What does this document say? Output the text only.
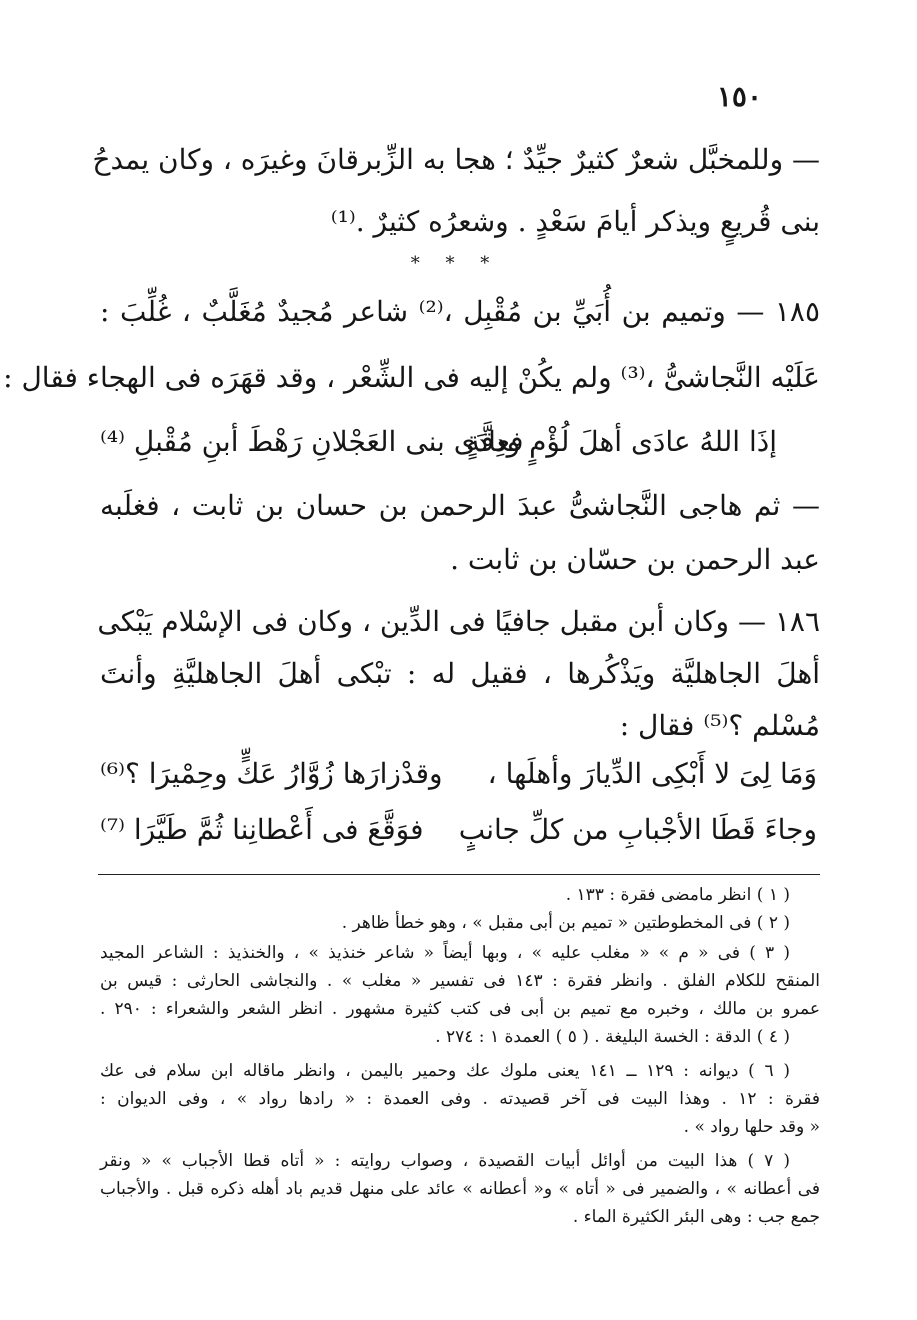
١٥٠
— وللمخبَّل شعرٌ كثيرٌ جيِّدٌ ؛ هجا به الزِّبرقانَ وغيرَه ، وكان يمدحُ
بنى قُريعٍ ويذكر أيامَ سَعْدٍ . وشعرُه كثيرٌ .⁽¹⁾
* * *
١٨٥ — وتميم بن أُبَيِّ بن مُقْبِل ،⁽²⁾ شاعر مُجيدٌ مُغَلَّبٌ ، غُلِّبَ :
عَلَيْه النَّجاشىُّ ،⁽³⁾ ولم يكُنْ إليه فى الشِّعْر ، وقد قهَرَه فى الهجاء فقال :
إذَا اللهُ عادَى أهلَ لُؤْمٍ ودِقَّةٍ
فعادَى بنى العَجْلانِ رَهْطَ أبنِ مُقْبلِ ⁽⁴⁾
— ثم هاجى النَّجاشىُّ عبدَ الرحمن بن حسان بن ثابت ، فغلَبه
عبد الرحمن بن حسّان بن ثابت .
١٨٦ — وكان أبن مقبل جافيًا فى الدِّين ، وكان فى الإسْلام يَبْكى
أهلَ الجاهليَّة ويَذْكُرها ، فقيل له : تبْكى أهلَ الجاهليَّةِ وأنتَ
مُسْلم ؟⁽⁵⁾ فقال :
وَمَا لِىَ لا أَبْكِى الدِّيارَ وأهلَها ،
وقدْزارَها زُوَّارُ عَكٍّ وحِمْيرَا ؟⁽⁶⁾
وجاءَ قَطَا الأجْبابِ من كلِّ جانبٍ
فوَقَّعَ فى أَعْطانِنا ثُمَّ طَيَّرَا ⁽⁷⁾
( ١ ) انظر مامضى فقرة : ١٣٣ .
( ٢ ) فى المخطوطتين « تميم بن أبى مقبل » ، وهو خطأ ظاهر .
( ٣ ) فى « م » « مغلب عليه » ، وبها أيضاً « شاعر خنذيذ » ، والخنذيذ : الشاعر المجيد
المنقح للكلام الفلق . وانظر فقرة : ١٤٣ فى تفسير « مغلب » . والنجاشى الحارثى : قيس بن
عمرو بن مالك ، وخبره مع تميم بن أبى فى كتب كثيرة مشهور . انظر الشعر والشعراء : ٢٩٠ .
( ٤ ) الدقة : الخسة البليغة . ( ٥ ) العمدة ١ : ٢٧٤ .
( ٦ ) ديوانه : ١٢٩ ــ ١٤١ يعنى ملوك عك وحمير باليمن ، وانظر ماقاله ابن سلام فى عك
فقرة : ١٢ . وهذا البيت فى آخر قصيدته . وفى العمدة : « رادها رواد » ، وفى الديوان :
« وقد حلها رواد » .
( ٧ ) هذا البيت من أوائل أبيات القصيدة ، وصواب روايته : « أتاه قطا الأجباب » « ونقر
فى أعطانه » ، والضمير فى « أتاه » و« أعطانه » عائد على منهل قديم باد أهله ذكره قبل . والأجباب
جمع جب : وهى البئر الكثيرة الماء .
